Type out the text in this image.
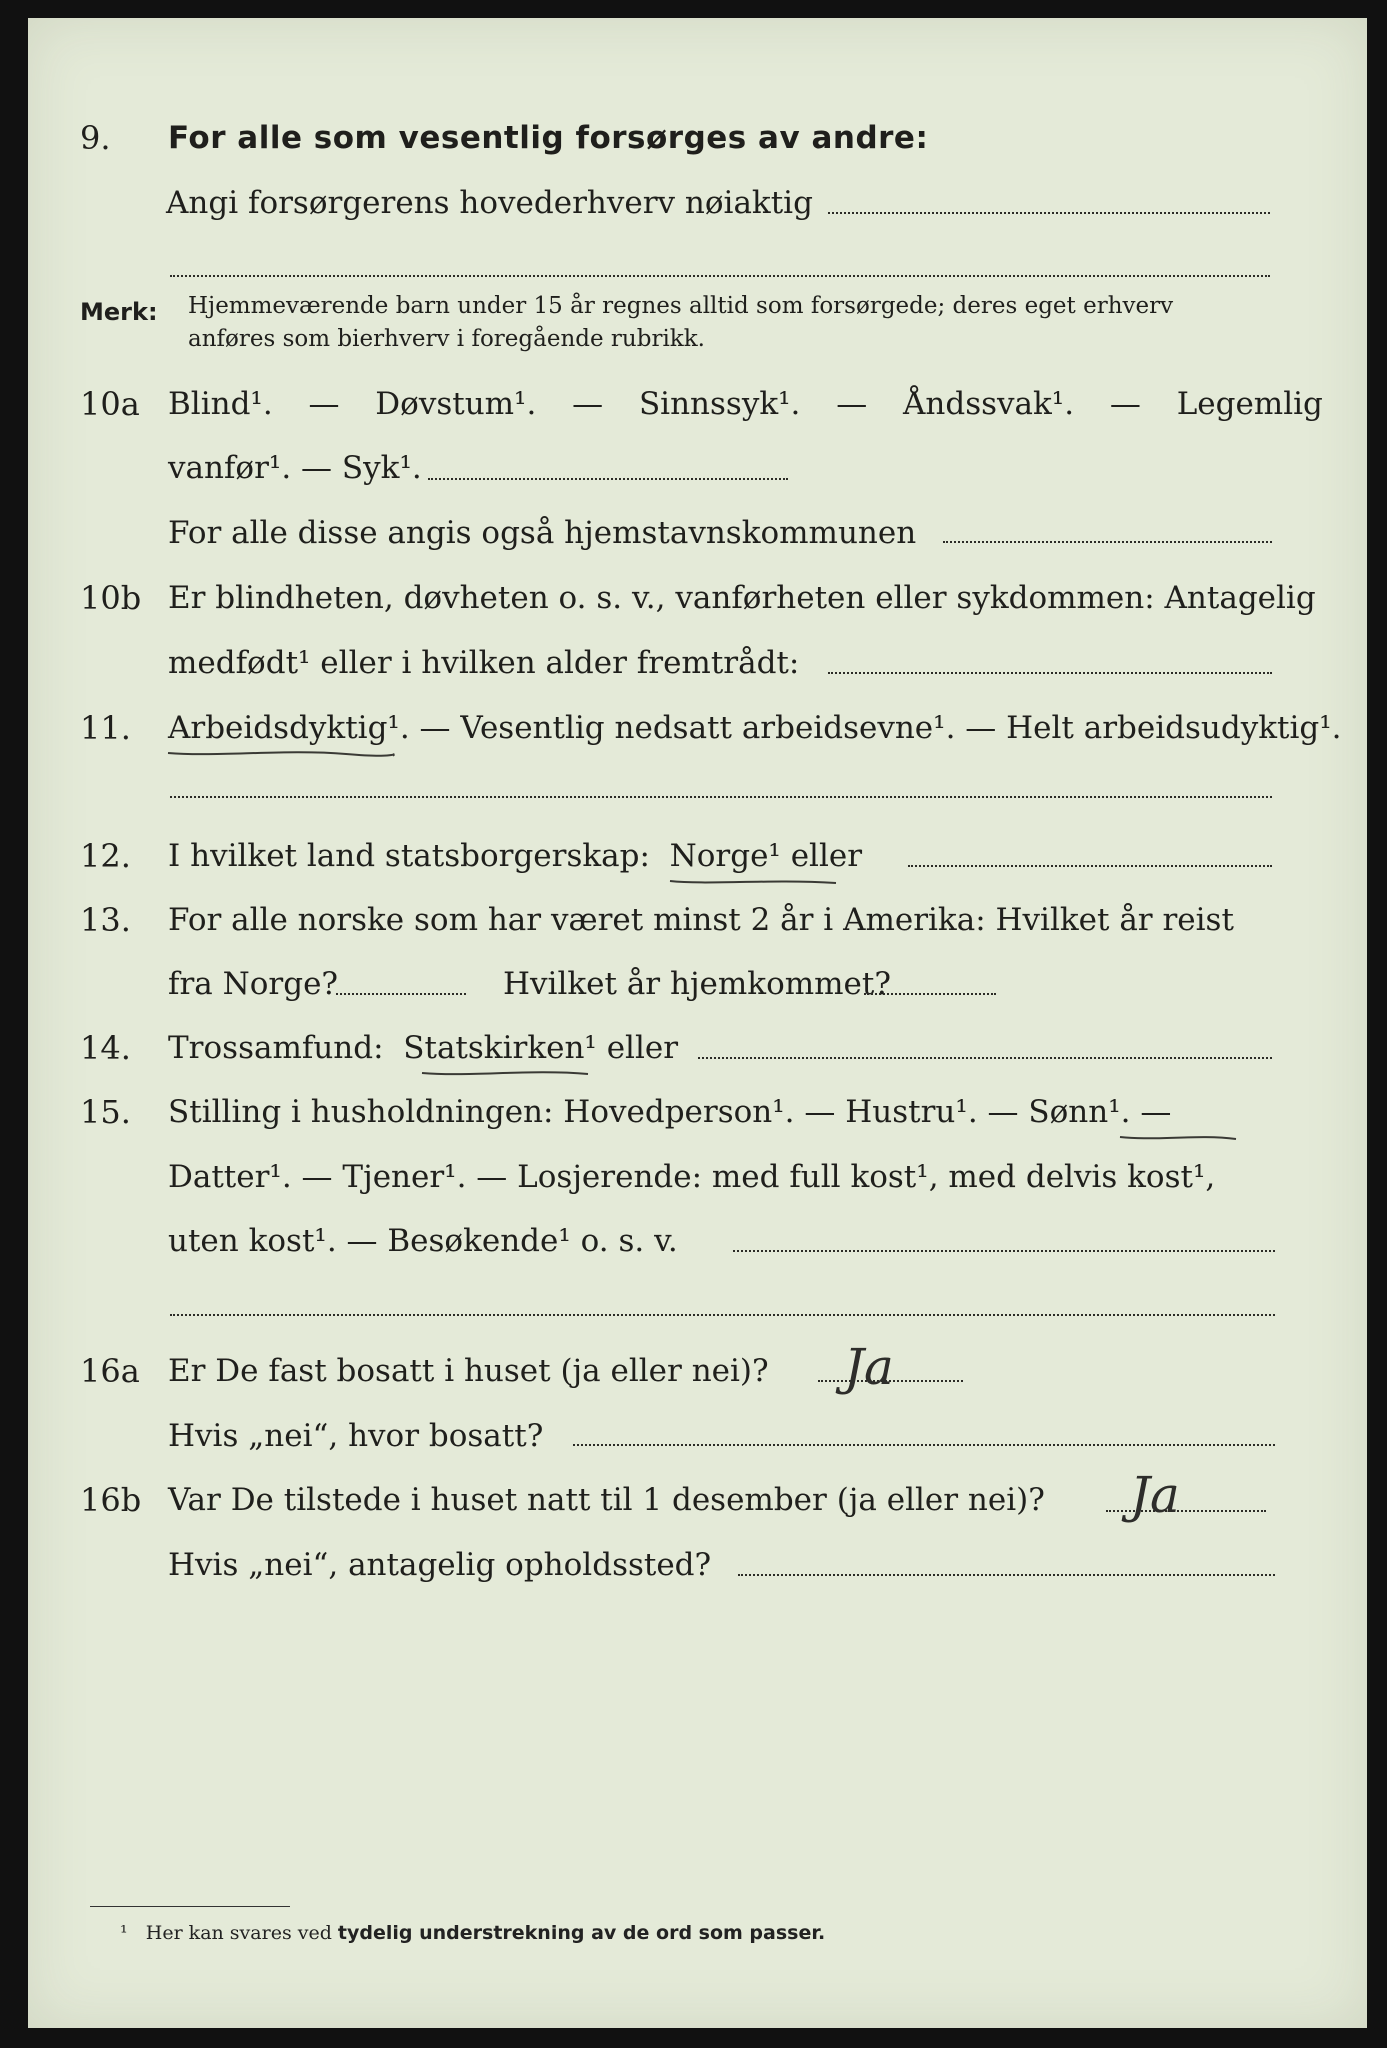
9. For alle som vesentlig forsørges av andre:
Angi forsørgerens hovederhverv nøiaktig
Merk: Hjemmeværende barn under 15 år regnes alltid som forsørgede; deres eget erhverv
anføres som bierhverv i foregående rubrikk.
10a Blind¹. — Døvstum¹. — Sinnssyk¹. — Åndssvak¹. — Legemlig
vanfør¹. — Syk¹.
For alle disse angis også hjemstavnskommunen
10b Er blindheten, døvheten o. s. v., vanførheten eller sykdommen: Antagelig
medfødt¹ eller i hvilken alder fremtrådt:
11. Arbeidsdyktig¹. — Vesentlig nedsatt arbeidsevne¹. — Helt arbeidsudyktig¹.
12. I hvilket land statsborgerskap:  Norge¹ eller
13. For alle norske som har været minst 2 år i Amerika: Hvilket år reist
fra Norge?	Hvilket år hjemkommet?
14. Trossamfund:  Statskirken¹ eller
15. Stilling i husholdningen: Hovedperson¹. — Hustru¹. — Sønn¹. —
Datter¹. — Tjener¹. — Losjerende: med full kost¹, med delvis kost¹,
uten kost¹. — Besøkende¹ o. s. v.
16a Er De fast bosatt i huset (ja eller nei)? Ja
Hvis „nei“, hvor bosatt?
16b Var De tilstede i huset natt til 1 desember (ja eller nei)? Ja
Hvis „nei“, antagelig opholdssted?
¹ Her kan svares ved tydelig understrekning av de ord som passer.
